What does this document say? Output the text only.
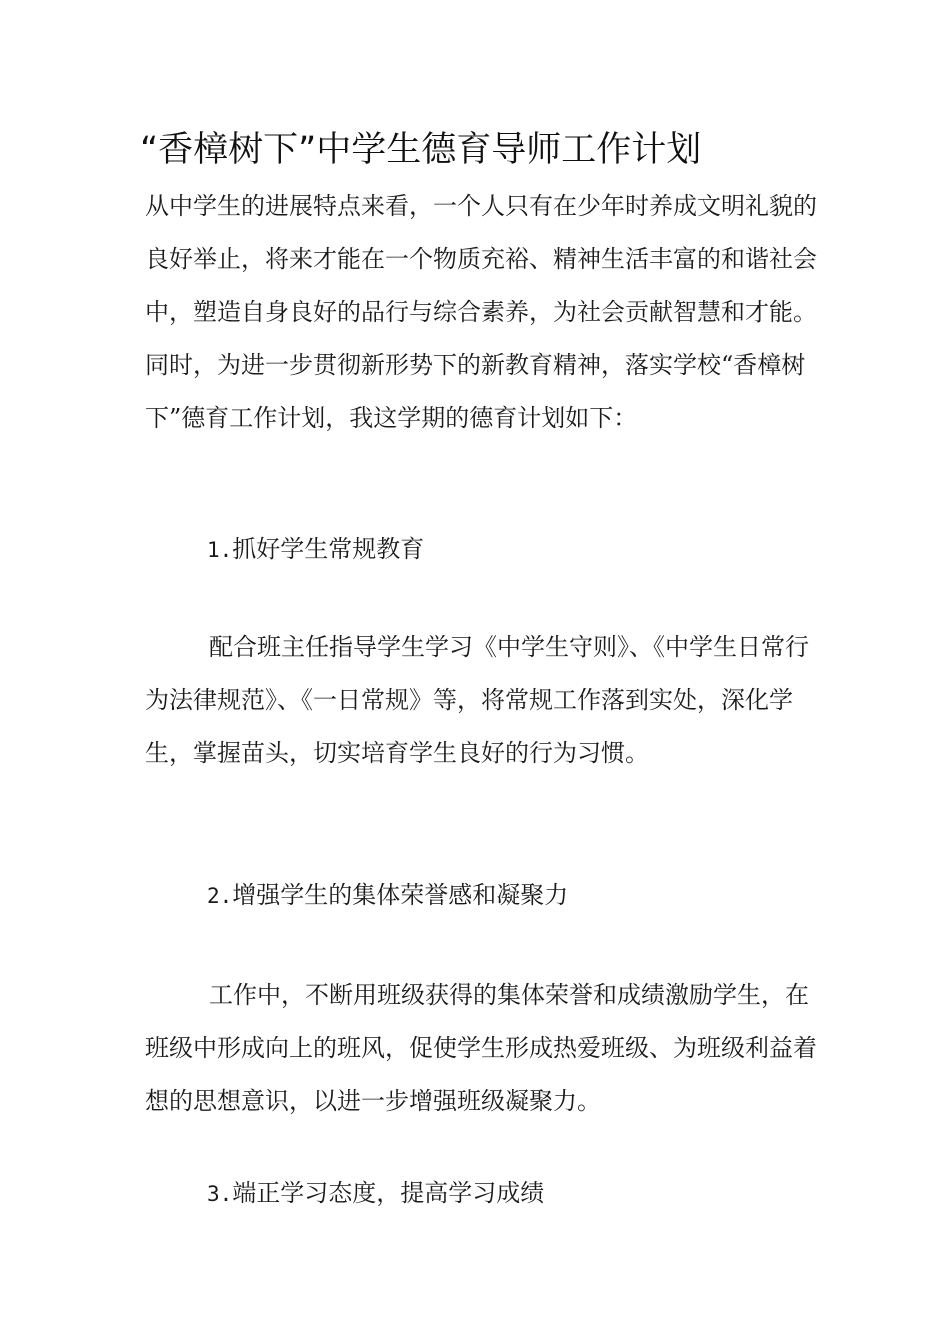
“香樟树下”中学生德育导师工作计划

从中学生的进展特点来看，一个人只有在少年时养成文明礼貌的良好举止，将来才能在一个物质充裕、精神生活丰富的和谐社会中，塑造自身良好的品行与综合素养，为社会贡献智慧和才能。同时，为进一步贯彻新形势下的新教育精神，落实学校“香樟树下”德育工作计划，我这学期的德育计划如下：

1.抓好学生常规教育

配合班主任指导学生学习《中学生守则》、《中学生日常行为法律规范》、《一日常规》等，将常规工作落到实处，深化学生，掌握苗头，切实培育学生良好的行为习惯。

2.增强学生的集体荣誉感和凝聚力

工作中，不断用班级获得的集体荣誉和成绩激励学生，在班级中形成向上的班风，促使学生形成热爱班级、为班级利益着想的思想意识，以进一步增强班级凝聚力。

3.端正学习态度，提高学习成绩
